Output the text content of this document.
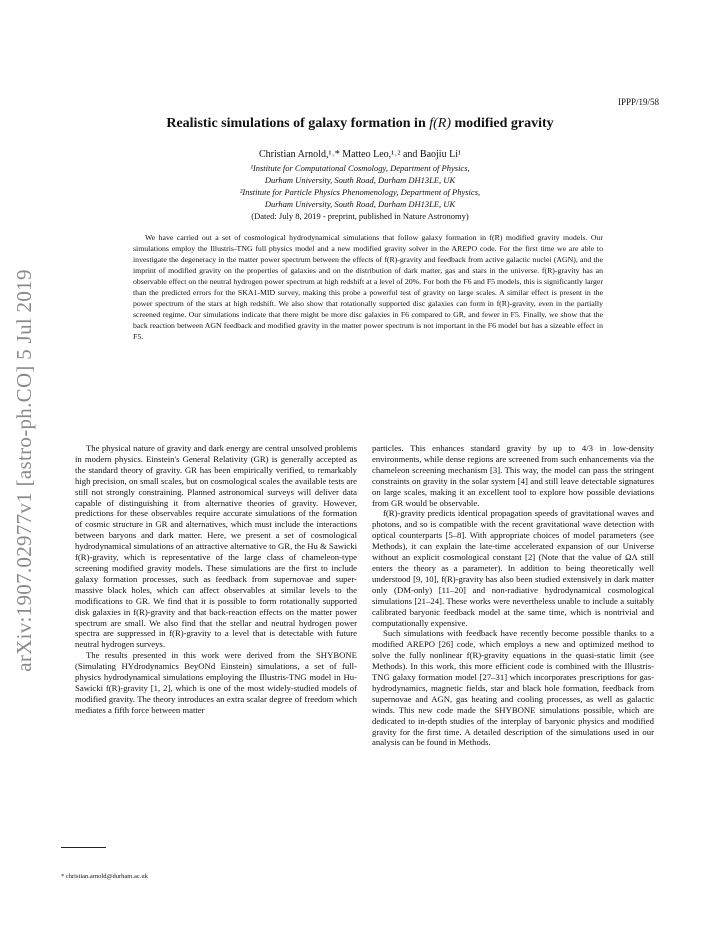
IPPP/19/58
arXiv:1907.02977v1 [astro-ph.CO] 5 Jul 2019
Realistic simulations of galaxy formation in f(R) modified gravity
Christian Arnold,¹˒* Matteo Leo,¹˒² and Baojiu Li¹
¹Institute for Computational Cosmology, Department of Physics,
Durham University, South Road, Durham DH13LE, UK
²Institute for Particle Physics Phenomenology, Department of Physics,
Durham University, South Road, Durham DH13LE, UK
(Dated: July 8, 2019 - preprint, published in Nature Astronomy)

We have carried out a set of cosmological hydrodynamical simulations that follow galaxy formation in f(R) modified gravity models. Our simulations employ the Illustris-TNG full physics model and a new modified gravity solver in the AREPO code. For the first time we are able to investigate the degeneracy in the matter power spectrum between the effects of f(R)-gravity and feedback from active galactic nuclei (AGN), and the imprint of modified gravity on the properties of galaxies and on the distribution of dark matter, gas and stars in the universe. f(R)-gravity has an observable effect on the neutral hydrogen power spectrum at high redshift at a level of 20%. For both the F6 and F5 models, this is significantly larger than the predicted errors for the SKA1-MID survey, making this probe a powerful test of gravity on large scales. A similar effect is present in the power spectrum of the stars at high redshift. We also show that rotationally supported disc galaxies can form in f(R)-gravity, even in the partially screened regime. Our simulations indicate that there might be more disc galaxies in F6 compared to GR, and fewer in F5. Finally, we show that the back reaction between AGN feedback and modified gravity in the matter power spectrum is not important in the F6 model but has a sizeable effect in F5.

The physical nature of gravity and dark energy are central unsolved problems in modern physics. Einstein's General Relativity (GR) is generally accepted as the standard theory of gravity. GR has been empirically verified, to remarkably high precision, on small scales, but on cosmological scales the available tests are still not strongly constraining. Planned astronomical surveys will deliver data capable of distinguishing it from alternative theories of gravity. However, predictions for these observables require accurate simulations of the formation of cosmic structure in GR and alternatives, which must include the interactions between baryons and dark matter. Here, we present a set of cosmological hydrodynamical simulations of an attractive alternative to GR, the Hu & Sawicki f(R)-gravity, which is representative of the large class of chameleon-type screening modified gravity models. These simulations are the first to include galaxy formation processes, such as feedback from supernovae and super-massive black holes, which can affect observables at similar levels to the modifications to GR. We find that it is possible to form rotationally supported disk galaxies in f(R)-gravity and that back-reaction effects on the matter power spectrum are small. We also find that the stellar and neutral hydrogen power spectra are suppressed in f(R)-gravity to a level that is detectable with future neutral hydrogen surveys.

The results presented in this work were derived from the SHYBONE (Simulating HYdrodynamics BeyONd Einstein) simulations, a set of full-physics hydrodynamical simulations employing the Illustris-TNG model in Hu-Sawicki f(R)-gravity [1, 2], which is one of the most widely-studied models of modified gravity. The theory introduces an extra scalar degree of freedom which mediates a fifth force between matter

particles. This enhances standard gravity by up to 4/3 in low-density environments, while dense regions are screened from such enhancements via the chameleon screening mechanism [3]. This way, the model can pass the stringent constraints on gravity in the solar system [4] and still leave detectable signatures on large scales, making it an excellent tool to explore how possible deviations from GR would be observable.

f(R)-gravity predicts identical propagation speeds of gravitational waves and photons, and so is compatible with the recent gravitational wave detection with optical counterparts [5–8]. With appropriate choices of model parameters (see Methods), it can explain the late-time accelerated expansion of our Universe without an explicit cosmological constant [2] (Note that the value of ΩΛ still enters the theory as a parameter). In addition to being theoretically well understood [9, 10], f(R)-gravity has also been studied extensively in dark matter only (DM-only) [11–20] and non-radiative hydrodynamical cosmological simulations [21–24]. These works were nevertheless unable to include a suitably calibrated baryonic feedback model at the same time, which is nontrivial and computationally expensive.

Such simulations with feedback have recently become possible thanks to a modified AREPO [26] code, which employs a new and optimized method to solve the fully nonlinear f(R)-gravity equations in the quasi-static limit (see Methods). In this work, this more efficient code is combined with the Illustris-TNG galaxy formation model [27–31] which incorporates prescriptions for gas-hydrodynamics, magnetic fields, star and black hole formation, feedback from supernovae and AGN, gas heating and cooling processes, as well as galactic winds. This new code made the SHYBONE simulations possible, which are dedicated to in-depth studies of the interplay of baryonic physics and modified gravity for the first time. A detailed description of the simulations used in our analysis can be found in Methods.

* christian.arnold@durham.ac.uk
